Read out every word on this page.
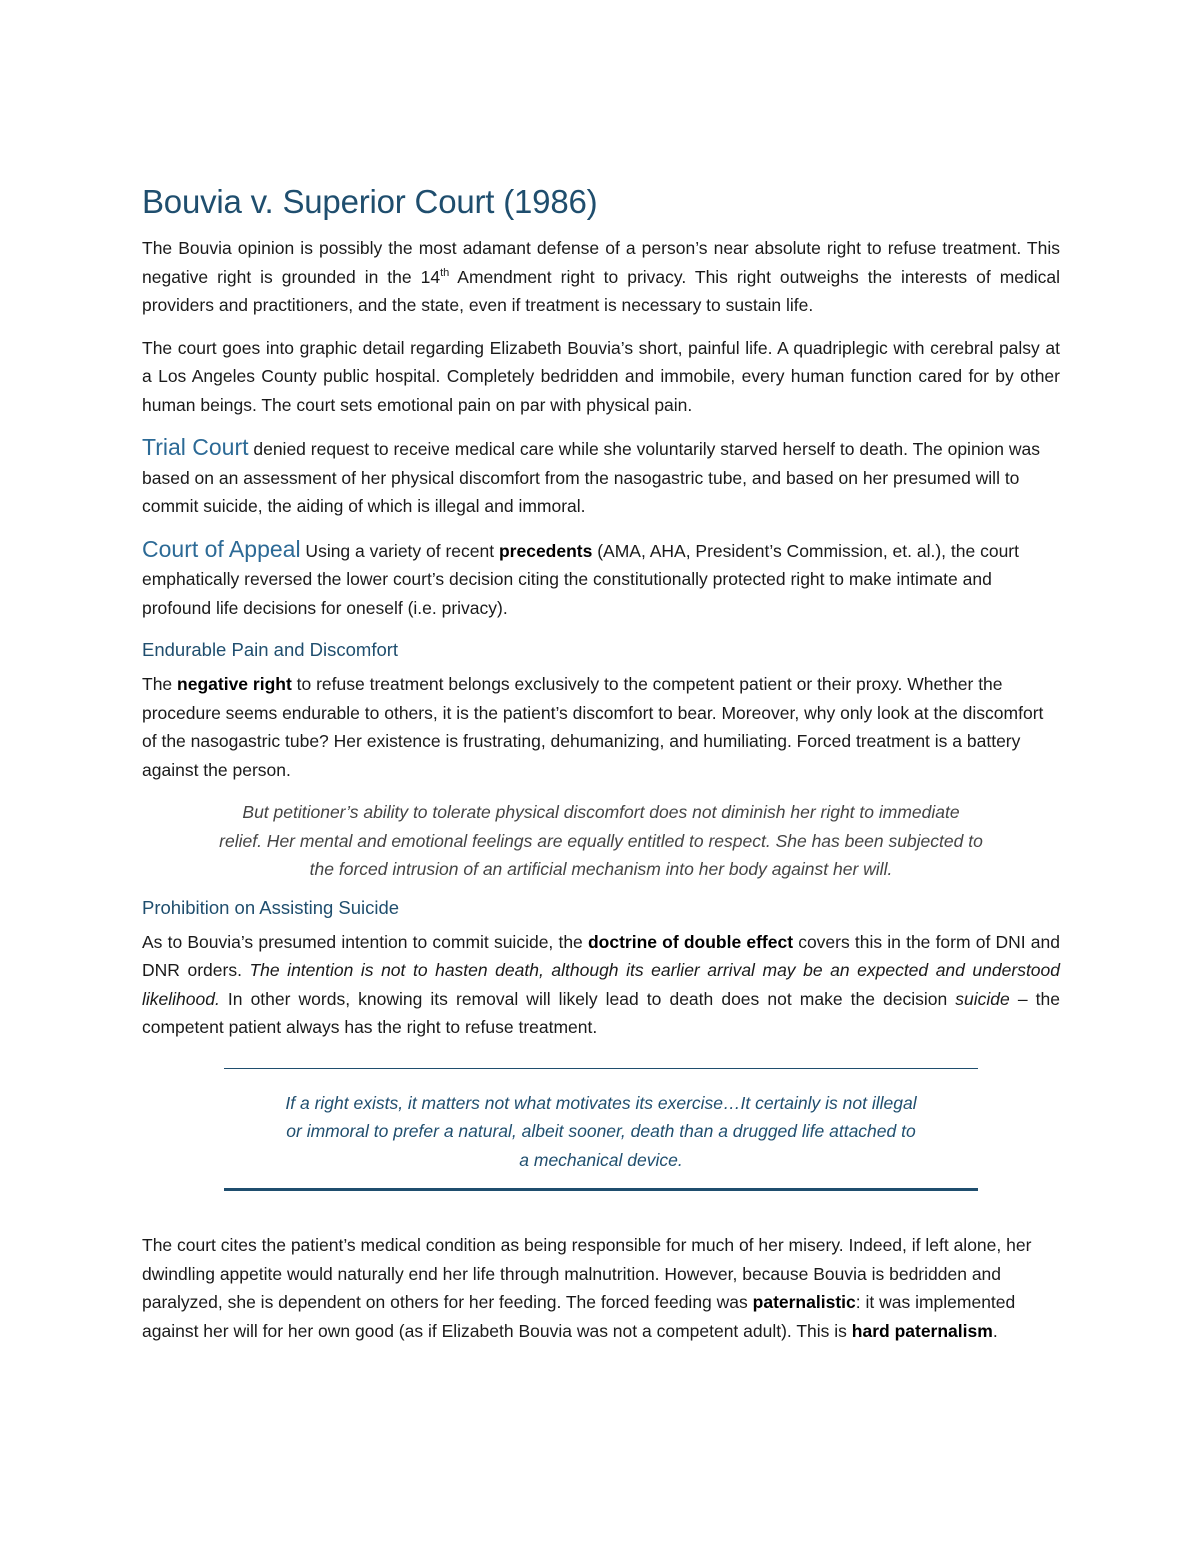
Bouvia v. Superior Court (1986)

The Bouvia opinion is possibly the most adamant defense of a person’s near absolute right to refuse treatment. This negative right is grounded in the 14th Amendment right to privacy. This right outweighs the interests of medical providers and practitioners, and the state, even if treatment is necessary to sustain life.

The court goes into graphic detail regarding Elizabeth Bouvia’s short, painful life. A quadriplegic with cerebral palsy at a Los Angeles County public hospital. Completely bedridden and immobile, every human function cared for by other human beings. The court sets emotional pain on par with physical pain.

Trial Court denied request to receive medical care while she voluntarily starved herself to death. The opinion was based on an assessment of her physical discomfort from the nasogastric tube, and based on her presumed will to commit suicide, the aiding of which is illegal and immoral.

Court of Appeal Using a variety of recent precedents (AMA, AHA, President’s Commission, et. al.), the court emphatically reversed the lower court’s decision citing the constitutionally protected right to make intimate and profound life decisions for oneself (i.e. privacy).

Endurable Pain and Discomfort

The negative right to refuse treatment belongs exclusively to the competent patient or their proxy. Whether the procedure seems endurable to others, it is the patient’s discomfort to bear. Moreover, why only look at the discomfort of the nasogastric tube? Her existence is frustrating, dehumanizing, and humiliating. Forced treatment is a battery against the person.

But petitioner’s ability to tolerate physical discomfort does not diminish her right to immediate
relief. Her mental and emotional feelings are equally entitled to respect. She has been subjected to
the forced intrusion of an artificial mechanism into her body against her will.
Prohibition on Assisting Suicide

As to Bouvia’s presumed intention to commit suicide, the doctrine of double effect covers this in the form of DNI and DNR orders. The intention is not to hasten death, although its earlier arrival may be an expected and understood likelihood. In other words, knowing its removal will likely lead to death does not make the decision suicide – the competent patient always has the right to refuse treatment.

If a right exists, it matters not what motivates its exercise…It certainly is not illegal
or immoral to prefer a natural, albeit sooner, death than a drugged life attached to
a mechanical device.

The court cites the patient’s medical condition as being responsible for much of her misery. Indeed, if left alone, her dwindling appetite would naturally end her life through malnutrition. However, because Bouvia is bedridden and paralyzed, she is dependent on others for her feeding. The forced feeding was paternalistic: it was implemented against her will for her own good (as if Elizabeth Bouvia was not a competent adult). This is hard paternalism.
